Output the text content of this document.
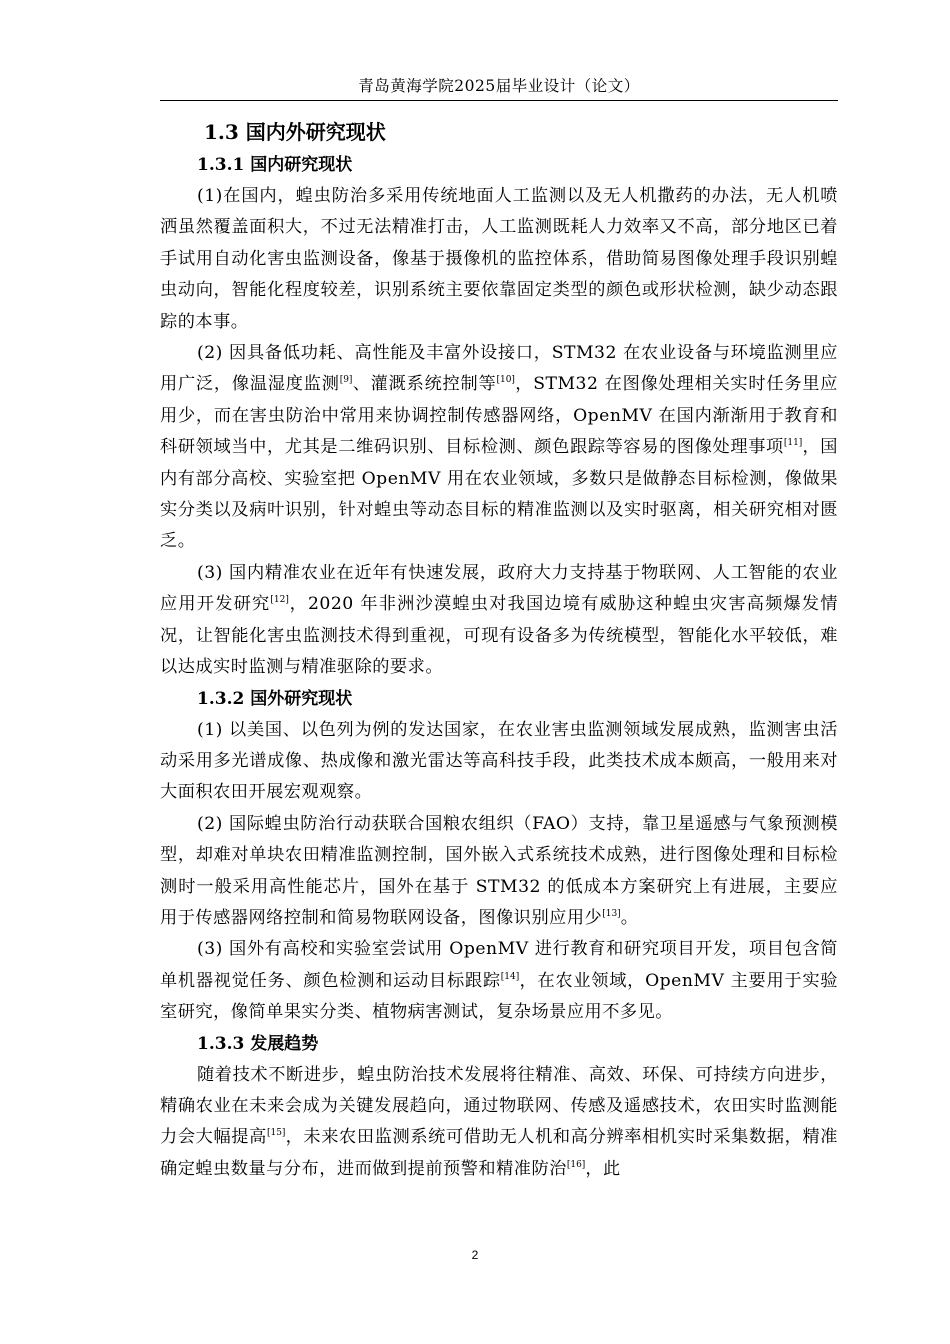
青岛黄海学院2025届毕业设计（论文）
1.3 国内外研究现状
1.3.1 国内研究现状

(1)在国内，蝗虫防治多采用传统地面人工监测以及无人机撒药的办法，无人机喷洒虽然覆盖面积大，不过无法精准打击，人工监测既耗人力效率又不高，部分地区已着手试用自动化害虫监测设备，像基于摄像机的监控体系，借助简易图像处理手段识别蝗虫动向，智能化程度较差，识别系统主要依靠固定类型的颜色或形状检测，缺少动态跟踪的本事。

(2) 因具备低功耗、高性能及丰富外设接口，STM32 在农业设备与环境监测里应用广泛，像温湿度监测[9]、灌溉系统控制等[10]，STM32 在图像处理相关实时任务里应用少，而在害虫防治中常用来协调控制传感器网络，OpenMV 在国内渐渐用于教育和科研领域当中，尤其是二维码识别、目标检测、颜色跟踪等容易的图像处理事项[11]，国内有部分高校、实验室把 OpenMV 用在农业领域，多数只是做静态目标检测，像做果实分类以及病叶识别，针对蝗虫等动态目标的精准监测以及实时驱离，相关研究相对匮乏。

(3) 国内精准农业在近年有快速发展，政府大力支持基于物联网、人工智能的农业应用开发研究[12]，2020 年非洲沙漠蝗虫对我国边境有威胁这种蝗虫灾害高频爆发情况，让智能化害虫监测技术得到重视，可现有设备多为传统模型，智能化水平较低，难以达成实时监测与精准驱除的要求。

1.3.2 国外研究现状

(1) 以美国、以色列为例的发达国家，在农业害虫监测领域发展成熟，监测害虫活动采用多光谱成像、热成像和激光雷达等高科技手段，此类技术成本颇高，一般用来对大面积农田开展宏观观察。

(2) 国际蝗虫防治行动获联合国粮农组织（FAO）支持，靠卫星遥感与气象预测模型，却难对单块农田精准监测控制，国外嵌入式系统技术成熟，进行图像处理和目标检测时一般采用高性能芯片，国外在基于 STM32 的低成本方案研究上有进展，主要应用于传感器网络控制和简易物联网设备，图像识别应用少[13]。

(3) 国外有高校和实验室尝试用 OpenMV 进行教育和研究项目开发，项目包含简单机器视觉任务、颜色检测和运动目标跟踪[14]，在农业领域，OpenMV 主要用于实验室研究，像简单果实分类、植物病害测试，复杂场景应用不多见。

1.3.3 发展趋势

随着技术不断进步，蝗虫防治技术发展将往精准、高效、环保、可持续方向进步，精确农业在未来会成为关键发展趋向，通过物联网、传感及遥感技术，农田实时监测能力会大幅提高[15]，未来农田监测系统可借助无人机和高分辨率相机实时采集数据，精准确定蝗虫数量与分布，进而做到提前预警和精准防治[16]，此

2
